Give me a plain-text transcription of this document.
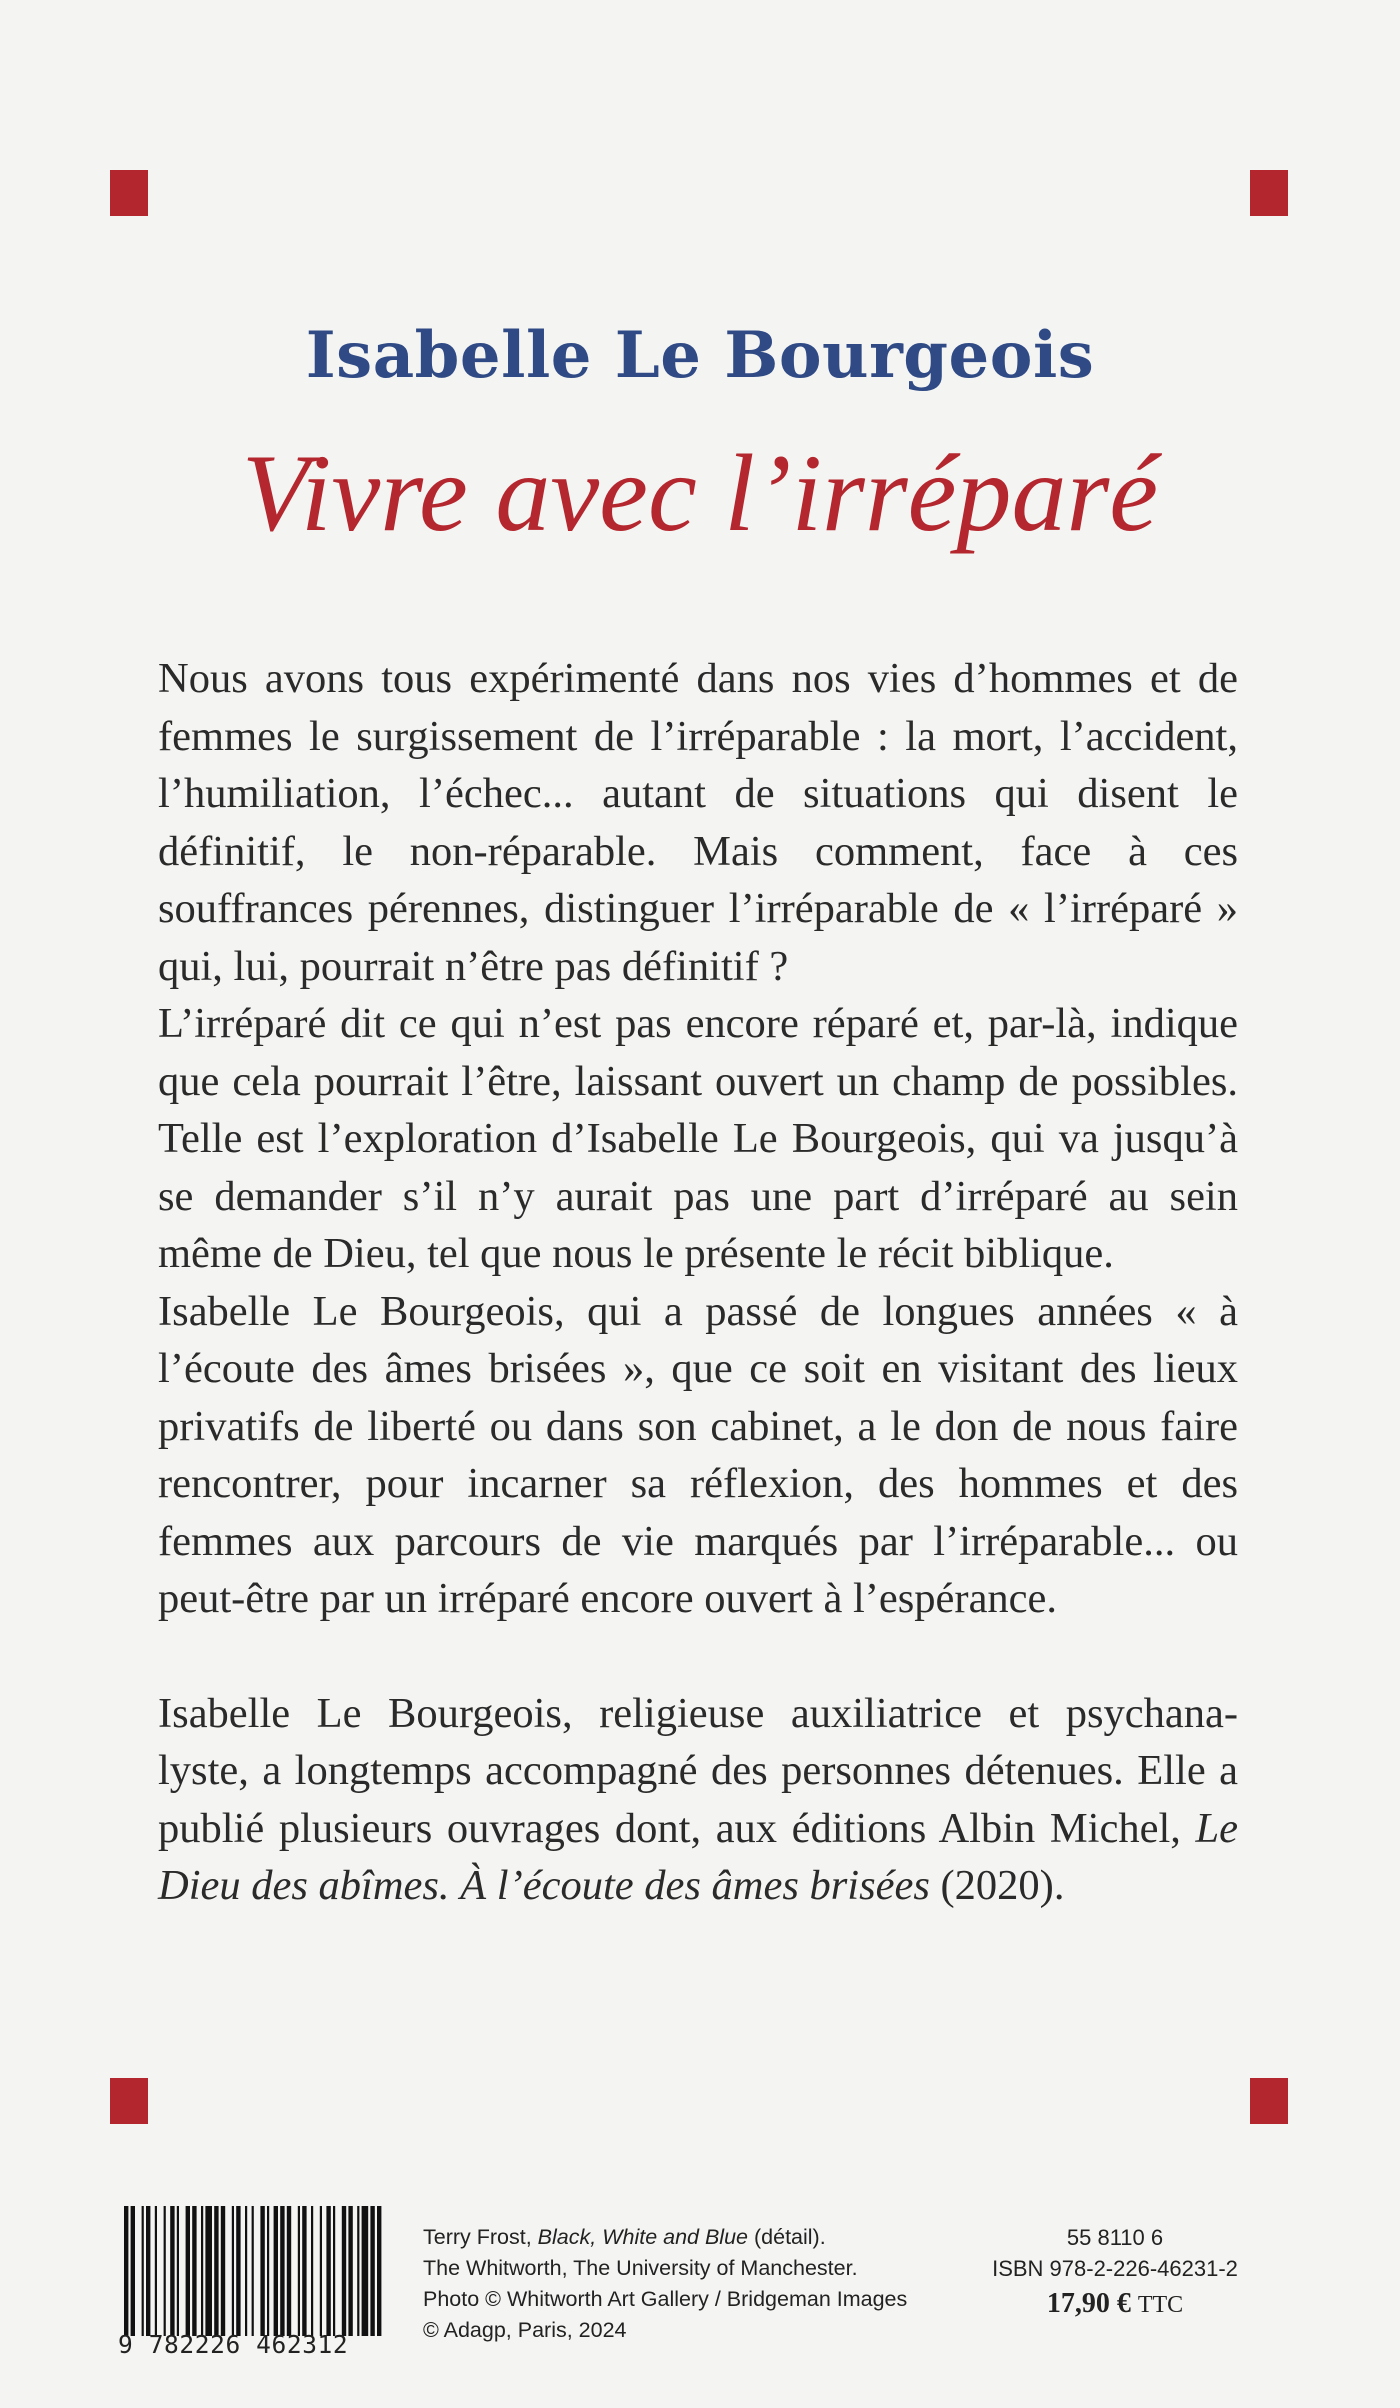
Isabelle Le Bourgeois
Vivre avec l’irréparé

Nous avons tous expérimenté dans nos vies d’hommes et de femmes le surgissement de l’irréparable : la mort, l’accident, l’humiliation, l’échec... autant de situations qui disent le définitif, le non-réparable. Mais comment, face à ces souffrances pérennes, distinguer l’irréparable de « l’irréparé » qui, lui, pourrait n’être pas définitif ?

L’irréparé dit ce qui n’est pas encore réparé et, par-là, indique que cela pourrait l’être, laissant ouvert un champ de possibles. Telle est l’exploration d’Isabelle Le Bourgeois, qui va jusqu’à se demander s’il n’y aurait pas une part d’irréparé au sein même de Dieu, tel que nous le présente le récit biblique.

Isabelle Le Bourgeois, qui a passé de longues années « à l’écoute des âmes brisées », que ce soit en visitant des lieux privatifs de liberté ou dans son cabinet, a le don de nous faire rencontrer, pour incarner sa réflexion, des hommes et des femmes aux parcours de vie marqués par l’irréparable... ou peut-être par un irréparé encore ouvert à l’espérance.

Isabelle Le Bourgeois, religieuse auxiliatrice et psychana- lyste, a longtemps accompagné des personnes détenues. Elle a publié plusieurs ouvrages dont, aux éditions Albin Michel, Le Dieu des abîmes. À l’écoute des âmes brisées (2020).

9 782226 462312
Terry Frost, Black, White and Blue (détail).
The Whitworth, The University of Manchester.
Photo © Whitworth Art Gallery / Bridgeman Images
© Adagp, Paris, 2024
55 8110 6
ISBN 978-2-226-46231-2
17,90 € TTC
